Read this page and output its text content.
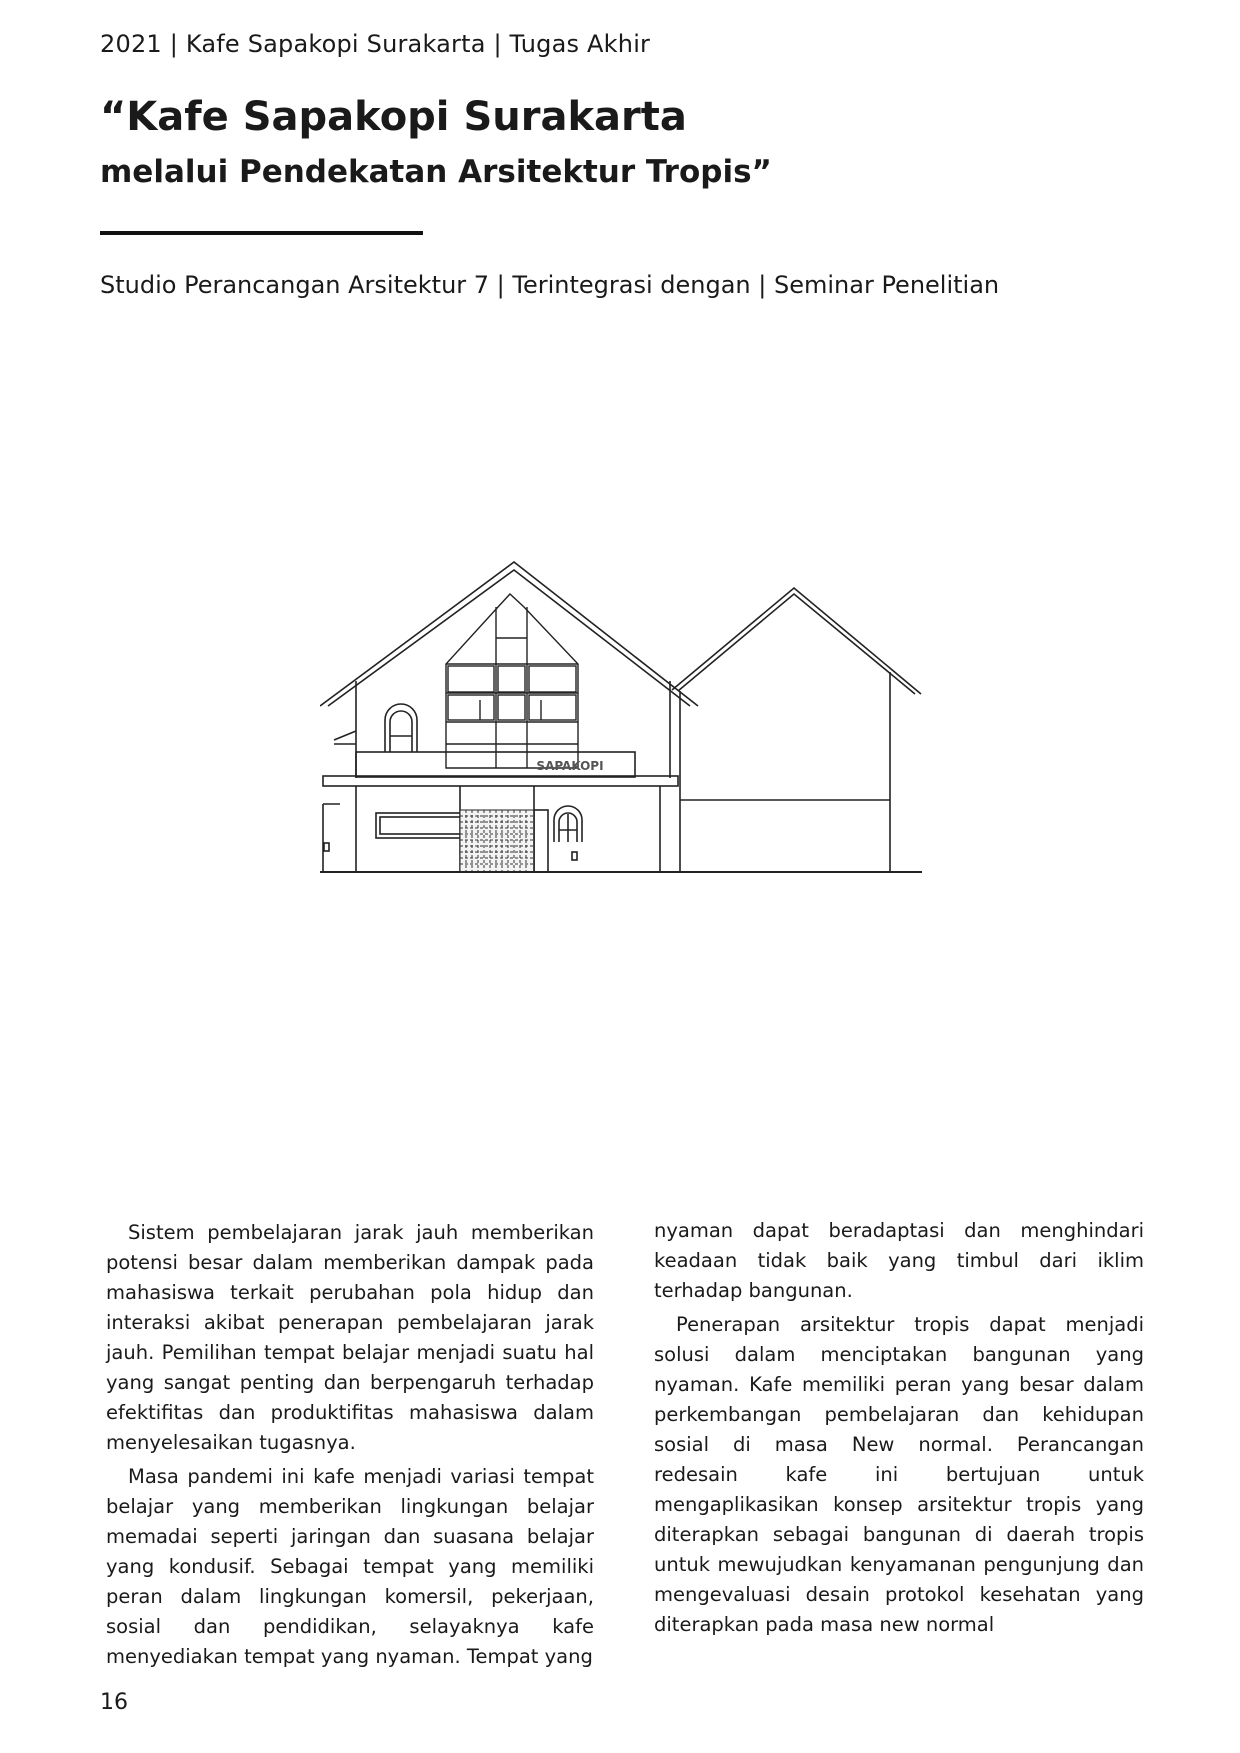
2021 | Kafe Sapakopi Surakarta | Tugas Akhir
“Kafe Sapakopi Surakarta
melalui Pendekatan Arsitektur Tropis”
Studio Perancangan Arsitektur 7 | Terintegrasi dengan | Seminar Penelitian
SAPAKOPI

Sistem pembelajaran jarak jauh memberikan potensi besar dalam memberikan dampak pada mahasiswa terkait perubahan pola hidup dan interaksi akibat penerapan pembelajaran jarak jauh. Pemilihan tempat belajar menjadi suatu hal yang sangat penting dan berpengaruh terhadap efektifitas dan produktifitas mahasiswa dalam menyelesaikan tugasnya.

Masa pandemi ini kafe menjadi variasi tempat belajar yang memberikan lingkungan belajar memadai seperti jaringan dan suasana belajar yang kondusif. Sebagai tempat yang memiliki peran dalam lingkungan komersil, pekerjaan, sosial dan pendidikan, selayaknya kafe menyediakan tempat yang nyaman. Tempat yang

nyaman dapat beradaptasi dan menghindari keadaan tidak baik yang timbul dari iklim terhadap bangunan.

Penerapan arsitektur tropis dapat menjadi solusi dalam menciptakan bangunan yang nyaman. Kafe memiliki peran yang besar dalam perkembangan pembelajaran dan kehidupan sosial di masa New normal. Perancangan redesain kafe ini bertujuan untuk mengaplikasikan konsep arsitektur tropis yang diterapkan sebagai bangunan di daerah tropis untuk mewujudkan kenyamanan pengunjung dan mengevaluasi desain protokol kesehatan yang diterapkan pada masa new normal

16
